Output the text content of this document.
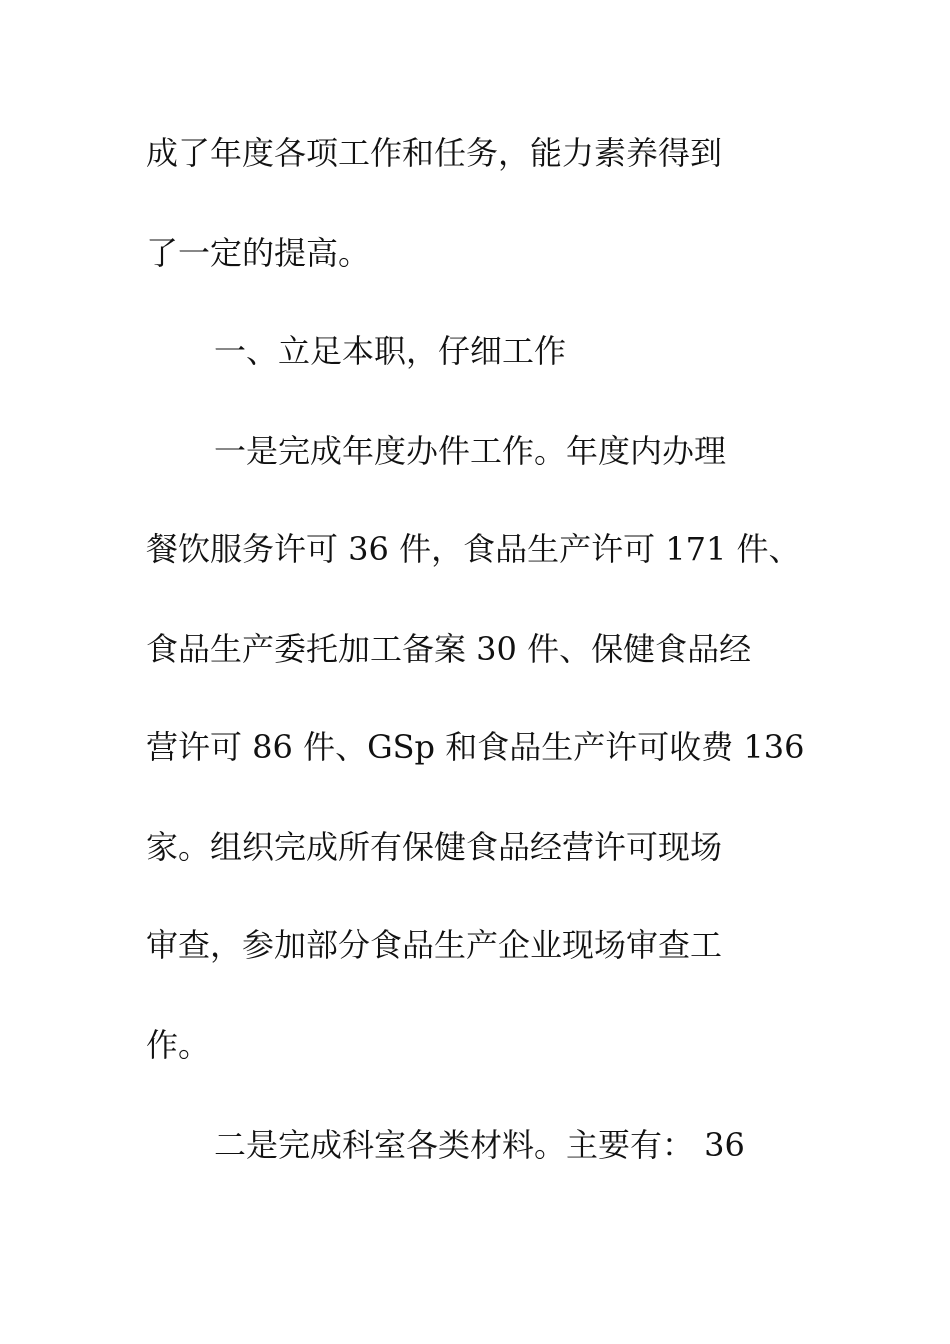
成了年度各项工作和任务，能力素养得到
了一定的提高。
一、立足本职，仔细工作
一是完成年度办件工作。年度内办理
餐饮服务许可 36 件，食品生产许可 171 件、
食品生产委托加工备案 30 件、保健食品经
营许可 86 件、GSp 和食品生产许可收费 136
家。组织完成所有保健食品经营许可现场
审查，参加部分食品生产企业现场审查工
作。
二是完成科室各类材料。主要有： 36
